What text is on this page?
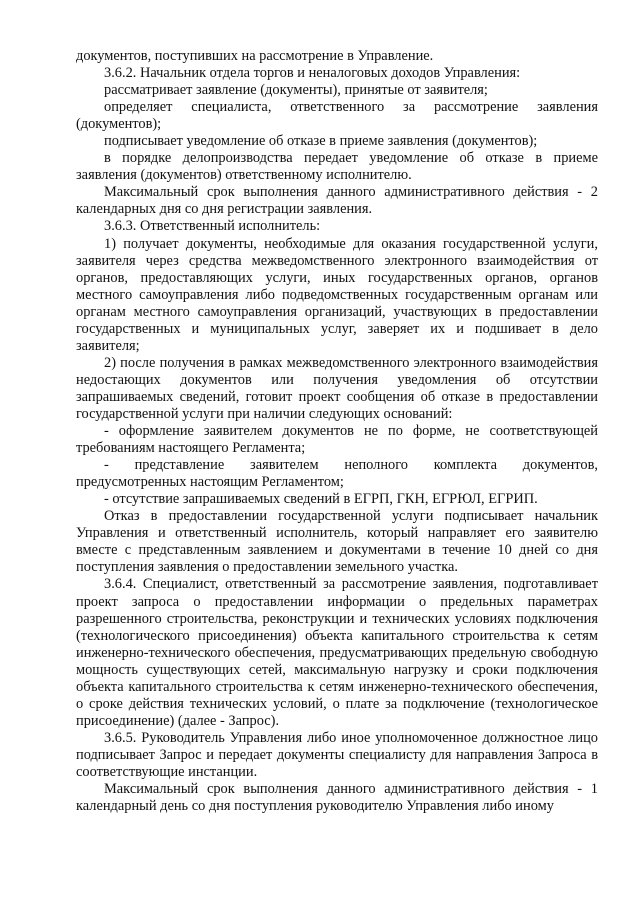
документов, поступивших на рассмотрение в Управление.

3.6.2. Начальник отдела торгов и неналоговых доходов Управления:

рассматривает заявление (документы), принятые от заявителя;

определяет специалиста, ответственного за рассмотрение заявления (документов);

подписывает уведомление об отказе в приеме заявления (документов);

в порядке делопроизводства передает уведомление об отказе в приеме заявления (документов) ответственному исполнителю.

Максимальный срок выполнения данного административного действия - 2 календарных дня со дня регистрации заявления.

3.6.3. Ответственный исполнитель:

1) получает документы, необходимые для оказания государственной услуги, заявителя через средства межведомственного электронного взаимодействия от органов, предоставляющих услуги, иных государственных органов, органов местного самоуправления либо подведомственных государственным органам или органам местного самоуправления организаций, участвующих в предоставлении государственных и муниципальных услуг, заверяет их и подшивает в дело заявителя;

2) после получения в рамках межведомственного электронного взаимодействия недостающих документов или получения уведомления об отсутствии запрашиваемых сведений, готовит проект сообщения об отказе в предоставлении государственной услуги при наличии следующих оснований:

- оформление заявителем документов не по форме, не соответствующей требованиям настоящего Регламента;

- представление заявителем неполного комплекта документов, предусмотренных настоящим Регламентом;

- отсутствие запрашиваемых сведений в ЕГРП, ГКН, ЕГРЮЛ, ЕГРИП.

Отказ в предоставлении государственной услуги подписывает начальник Управления и ответственный исполнитель, который направляет его заявителю вместе с представленным заявлением и документами в течение 10 дней со дня поступления заявления о предоставлении земельного участка.

3.6.4. Специалист, ответственный за рассмотрение заявления, подготавливает проект запроса о предоставлении информации о предельных параметрах разрешенного строительства, реконструкции и технических условиях подключения (технологического присоединения) объекта капитального строительства к сетям инженерно-технического обеспечения, предусматривающих предельную свободную мощность существующих сетей, максимальную нагрузку и сроки подключения объекта капитального строительства к сетям инженерно-технического обеспечения, о сроке действия технических условий, о плате за подключение (технологическое присоединение) (далее - Запрос).

3.6.5. Руководитель Управления либо иное уполномоченное должностное лицо подписывает Запрос и передает документы специалисту для направления Запроса в соответствующие инстанции.

Максимальный срок выполнения данного административного действия - 1 календарный день со дня поступления руководителю Управления либо иному
